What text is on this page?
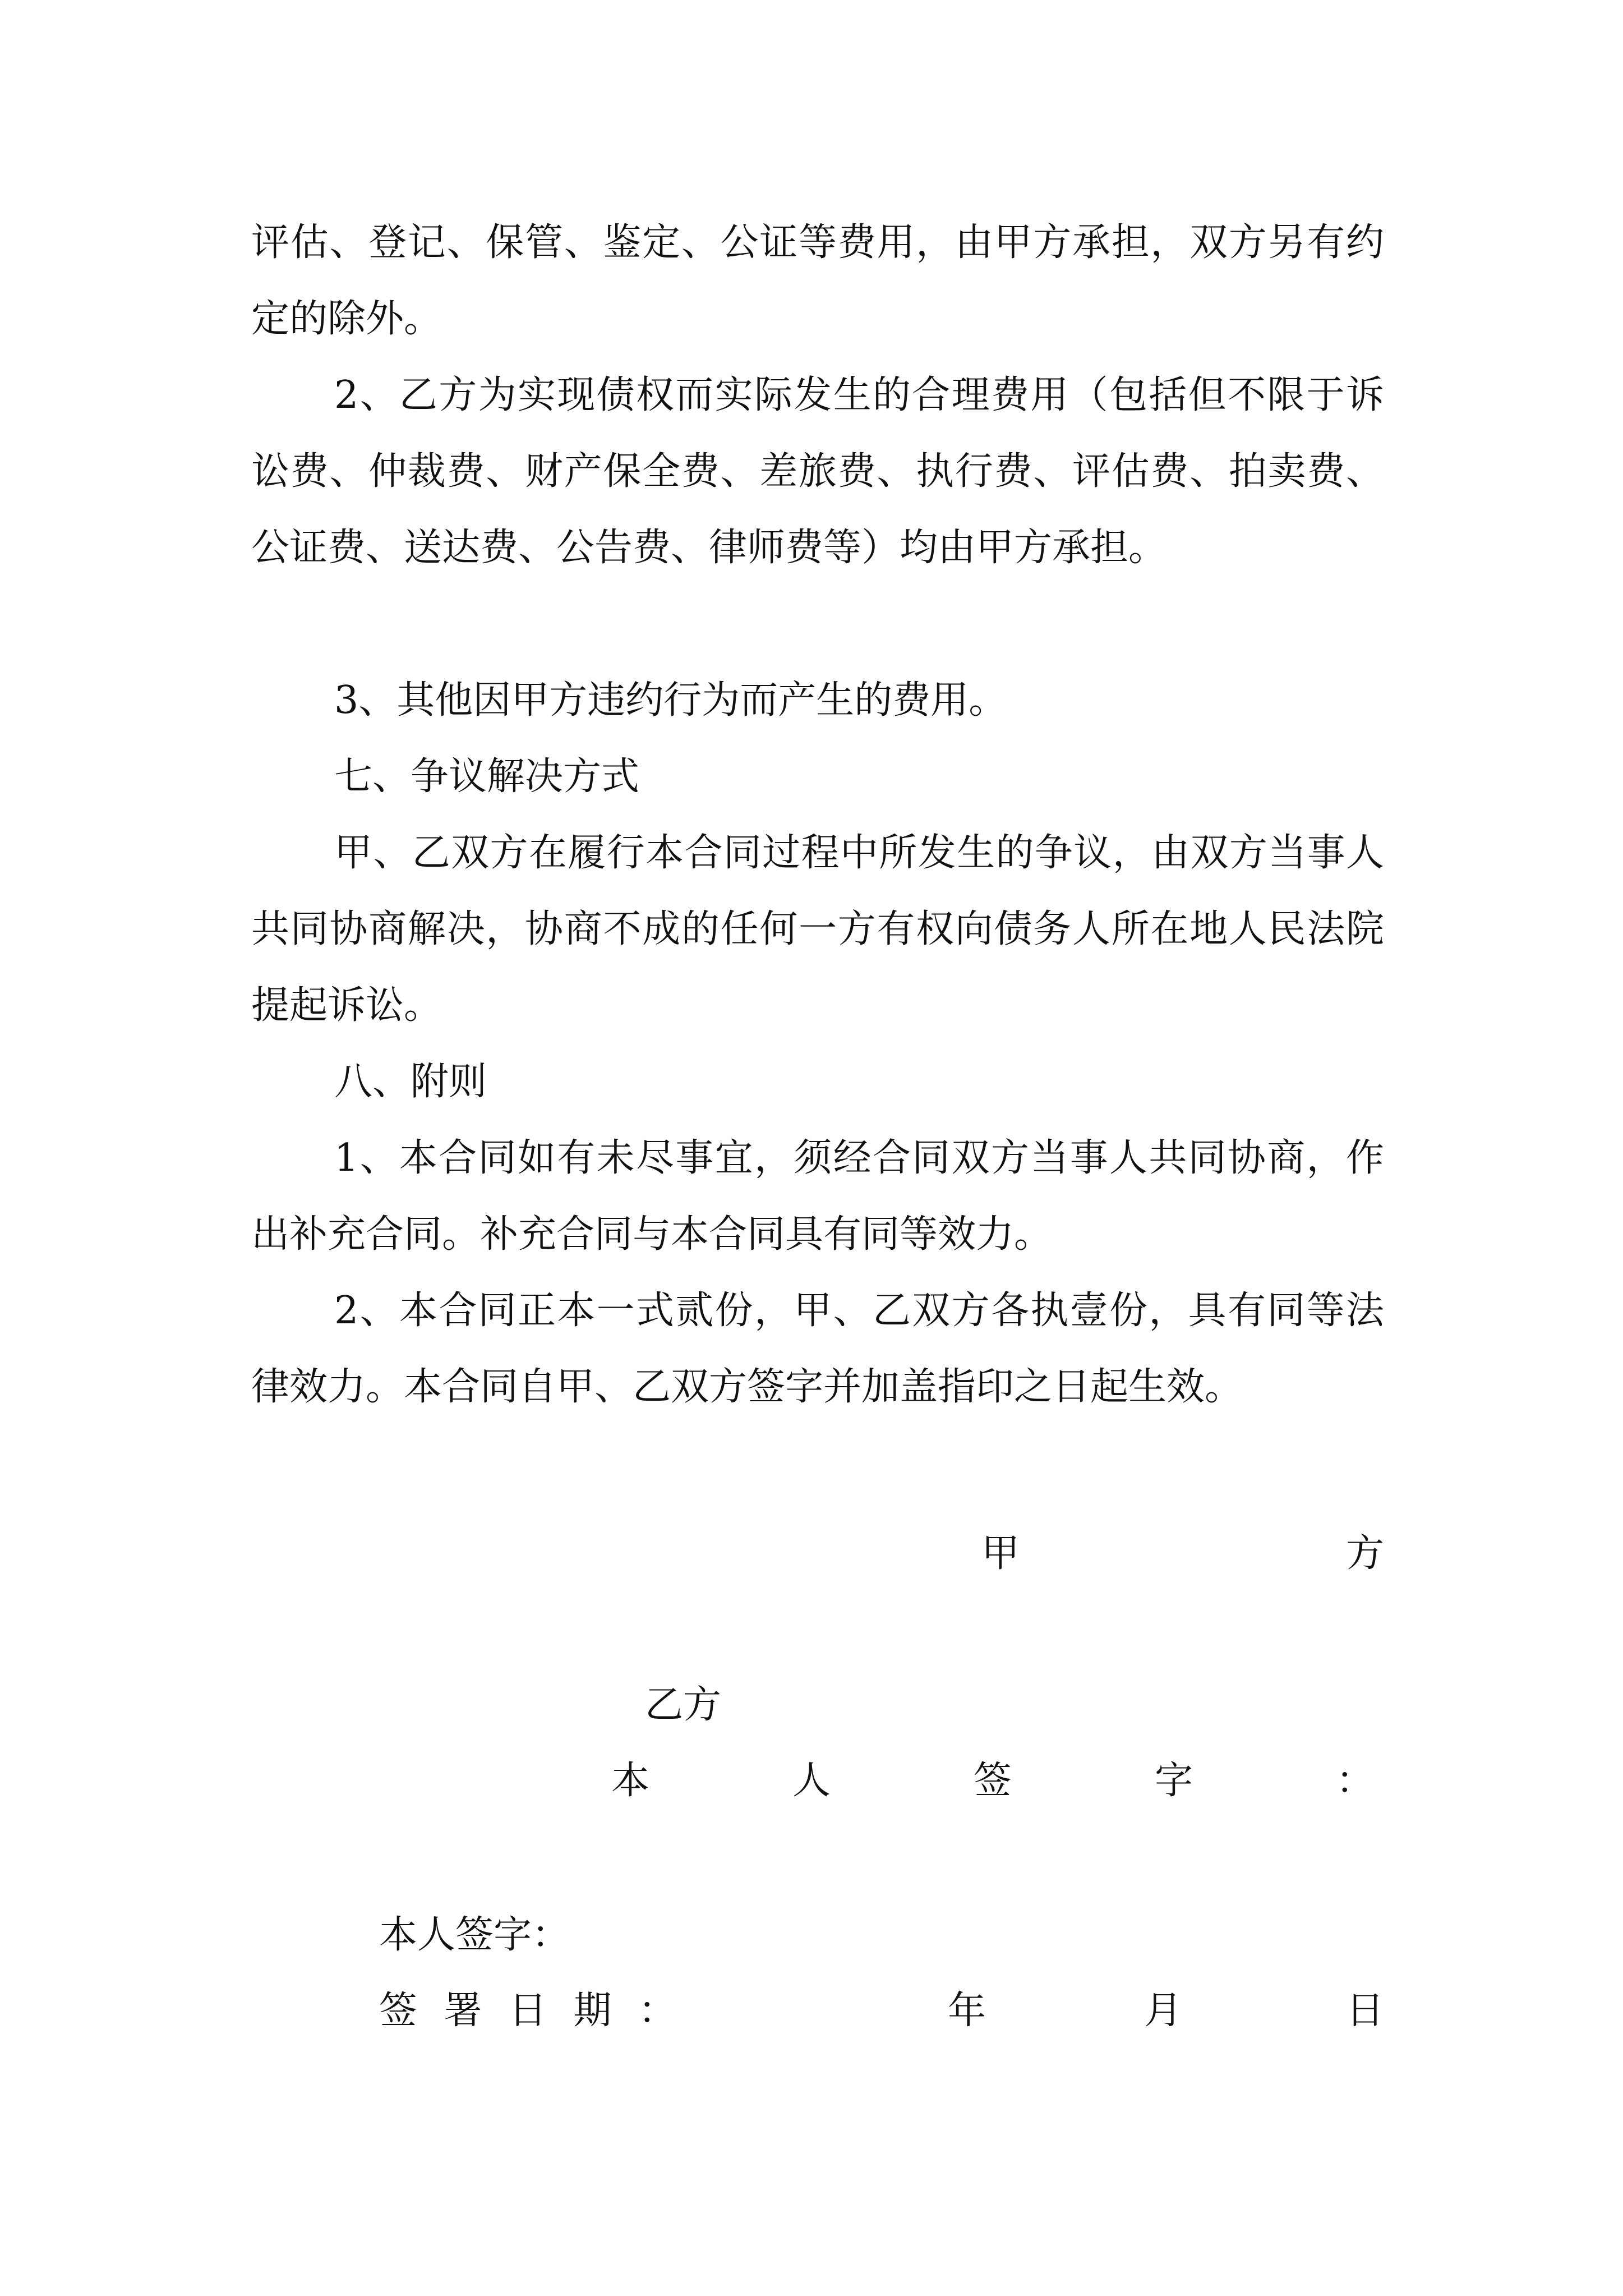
评估、登记、保管、鉴定、公证等费用，由甲方承担，双方另有约定的除外。

2、乙方为实现债权而实际发生的合理费用（包括但不限于诉讼费、仲裁费、财产保全费、差旅费、执行费、评估费、拍卖费、公证费、送达费、公告费、律师费等）均由甲方承担。

3、其他因甲方违约行为而产生的费用。

七、争议解决方式

甲、乙双方在履行本合同过程中所发生的争议，由双方当事人共同协商解决，协商不成的任何一方有权向债务人所在地人民法院提起诉讼。

八、附则

1、本合同如有未尽事宜，须经合同双方当事人共同协商，作出补充合同。补充合同与本合同具有同等效力。

2、本合同正本一式贰份，甲、乙双方各执壹份，具有同等法律效力。本合同自甲、乙双方签字并加盖指印之日起生效。

甲	方

乙方

本	人	签	字	：

本人签字：

签 署 日 期 ：	年	月	日
